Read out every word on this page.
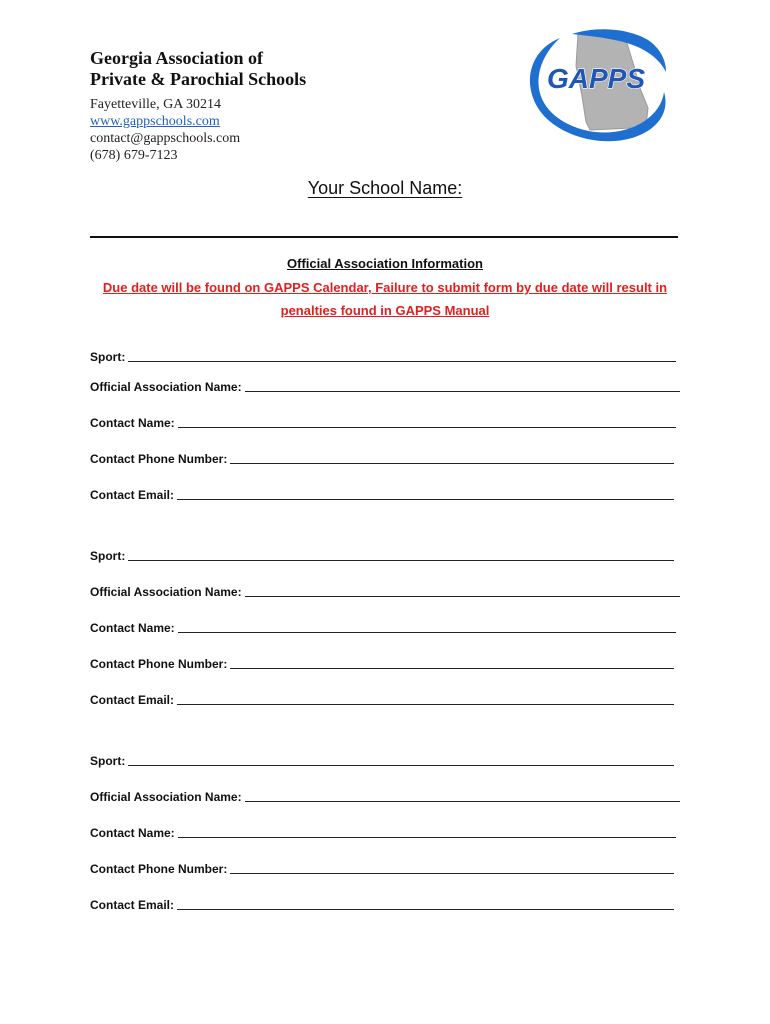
Georgia Association of
Private & Parochial Schools
Fayetteville, GA 30214
www.gappschools.com
contact@gappschools.com
(678) 679-7123
GAPPS
Your School Name:
Official Association Information
Due date will be found on GAPPS Calendar, Failure to submit form by due date will result in
penalties found in GAPPS Manual
Sport:
Official Association Name:
Contact Name:
Contact Phone Number:
Contact Email:
Sport:
Official Association Name:
Contact Name:
Contact Phone Number:
Contact Email:
Sport:
Official Association Name:
Contact Name:
Contact Phone Number:
Contact Email:
